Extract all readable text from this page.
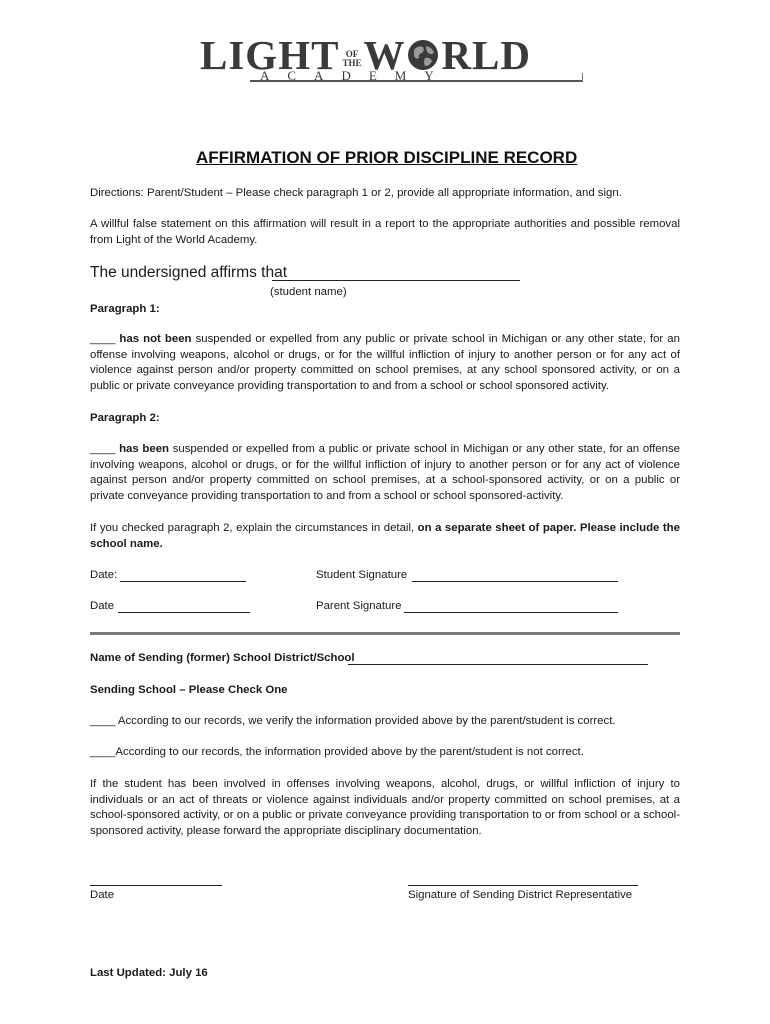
LIGHT OF
THE W RLD
ACADEMY
AFFIRMATION OF PRIOR DISCIPLINE RECORD
Directions: Parent/Student – Please check paragraph 1 or 2, provide all appropriate information, and sign.
A willful false statement on this affirmation will result in a report to the appropriate authorities and possible removal from Light of the World Academy.
The undersigned affirms that
(student name)
Paragraph 1:
____ has not been suspended or expelled from any public or private school in Michigan or any other state, for an offense involving weapons, alcohol or drugs, or for the willful infliction of injury to another person or for any act of violence against person and/or property committed on school premises, at any school sponsored activity, or on a public or private conveyance providing transportation to and from a school or school sponsored activity.
Paragraph 2:
____ has been suspended or expelled from a public or private school in Michigan or any other state, for an offense involving weapons, alcohol or drugs, or for the willful infliction of injury to another person or for any act of violence against person and/or property committed on school premises, at a school-sponsored activity, or on a public or private conveyance providing transportation to and from a school or school sponsored-activity.
If you checked paragraph 2, explain the circumstances in detail, on a separate sheet of paper. Please include the school name.
Date:	Student Signature
Date	Parent Signature
Name of Sending (former) School District/School
Sending School – Please Check One
____ According to our records, we verify the information provided above by the parent/student is correct.
____According to our records, the information provided above by the parent/student is not correct.
If the student has been involved in offenses involving weapons, alcohol, drugs, or willful infliction of injury to individuals or an act of threats or violence against individuals and/or property committed on school premises, at a school-sponsored activity, or on a public or private conveyance providing transportation to or from school or a school-sponsored activity, please forward the appropriate disciplinary documentation.
Date	Signature of Sending District Representative
Last Updated: July 16
